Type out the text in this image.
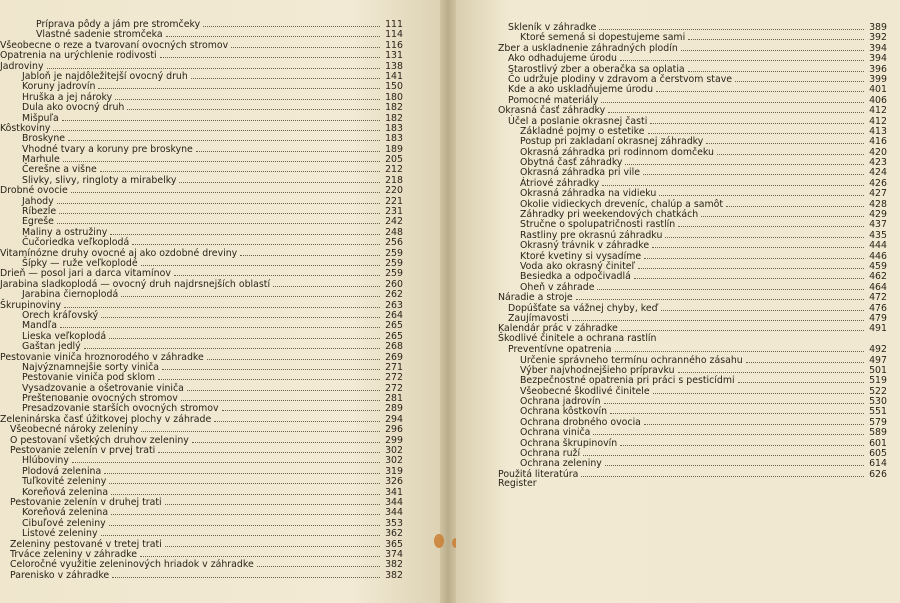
Príprava pôdy a jám pre stromčeky	111
Vlastné sadenie stromčeka	114
Všeobecne o reze a tvarovaní ovocných stromov	116
Opatrenia na urýchlenie rodivosti	131
Jadroviny	138
Jabloň je najdôležitejší ovocný druh	141
Koruny jadrovín	150
Hruška a jej nároky	180
Dula ako ovocný druh	182
Mišpuľa	182
Kôstkoviny	183
Broskyne	183
Vhodné tvary a koruny pre broskyne	189
Marhule	205
Čerešne a višne	212
Slivky, slivy, ringloty a mirabelky	218
Drobné ovocie	220
Jahody	221
Ríbezle	231
Egreše	242
Maliny a ostružiny	248
Čučoriedka veľkoplodá	256
Vitamínózne druhy ovocné aj ako ozdobné dreviny	259
Šípky — ruže veľkoplodé	259
Drieň — posol jari a darca vitamínov	259
Jarabina sladkoplodá — ovocný druh najdrsnejších oblastí	260
Jarabina čiernoplodá	262
Škrupinoviny	263
Orech kráľovský	264
Mandľa	265
Lieska veľkoplodá	265
Gaštan jedlý	268
Pestovanie viniča hroznorodého v záhradke	269
Najvýznamnejšie sorty viniča	271
Pestovanie viniča pod sklom	272
Vysadzovanie a ošetrovanie viniča	272
Prešteповanie ovocných stromov	281
Presadzovanie starších ovocných stromov	289
Zeleninárska časť úžitkovej plochy v záhrade	294
Všeobecné nároky zeleniny	296
O pestovaní všetkých druhov zeleniny	299
Pestovanie zelenín v prvej trati	302
Hlúboviny	302
Plodová zelenina	319
Tuľkovité zeleniny	326
Koreňová zelenina	341
Pestovanie zelenín v druhej trati	344
Koreňová zelenina	344
Cibuľové zeleniny	353
Listové zeleniny	362
Zeleniny pestované v tretej trati	365
Trváce zeleniny v záhradke	374
Celoročné využitie zeleninových hriadok v záhradke	382
Parenisko v záhradke	382
Skleník v záhradke	389
Ktoré semená si dopestujeme sami	392
Zber a uskladnenie záhradných plodín	394
Ako odhadujeme úrodu	394
Starostlivý zber a oberačka sa oplatia	396
Čo udržuje plodiny v zdravom a čerstvom stave	399
Kde a ako uskladňujeme úrodu	401
Pomocné materiály	406
Okrasná časť záhradky	412
Účel a poslanie okrasnej časti	412
Základné pojmy o estetike	413
Postup pri zakladaní okrasnej záhradky	416
Okrasná záhradka pri rodinnom domčeku	420
Obytná časť záhradky	423
Okrasná záhradka pri vile	424
Átriové záhradky	426
Okrasná záhradka na vidieku	427
Okolie vidieckych dreveníc, chalúp a samôt	428
Záhradky pri weekendových chatkách	429
Stručne o spolupatričnosti rastlín	437
Rastliny pre okrasnú záhradku	435
Okrasný trávnik v záhradke	444
Ktoré kvetiny si vysadíme	446
Voda ako okrasný činiteľ	459
Besiedka a odpočivadlá	462
Oheň v záhrade	464
Náradie a stroje	472
Dopúšťate sa vážnej chyby, keď	476
Zaujímavosti	479
Kalendár prác v záhradke	491
Škodlivé činitele a ochrana rastlín
Preventívne opatrenia	492
Určenie správneho termínu ochranného zásahu	497
Výber najvhodnejšieho prípravku	501
Bezpečnostné opatrenia pri práci s pesticídmi	519
Všeobecné škodlivé činitele	522
Ochrana jadrovín	530
Ochrana kôstkovín	551
Ochrana drobného ovocia	579
Ochrana viniča	589
Ochrana škrupinovín	601
Ochrana ruží	605
Ochrana zeleniny	614
Použitá literatúra	626
Register
